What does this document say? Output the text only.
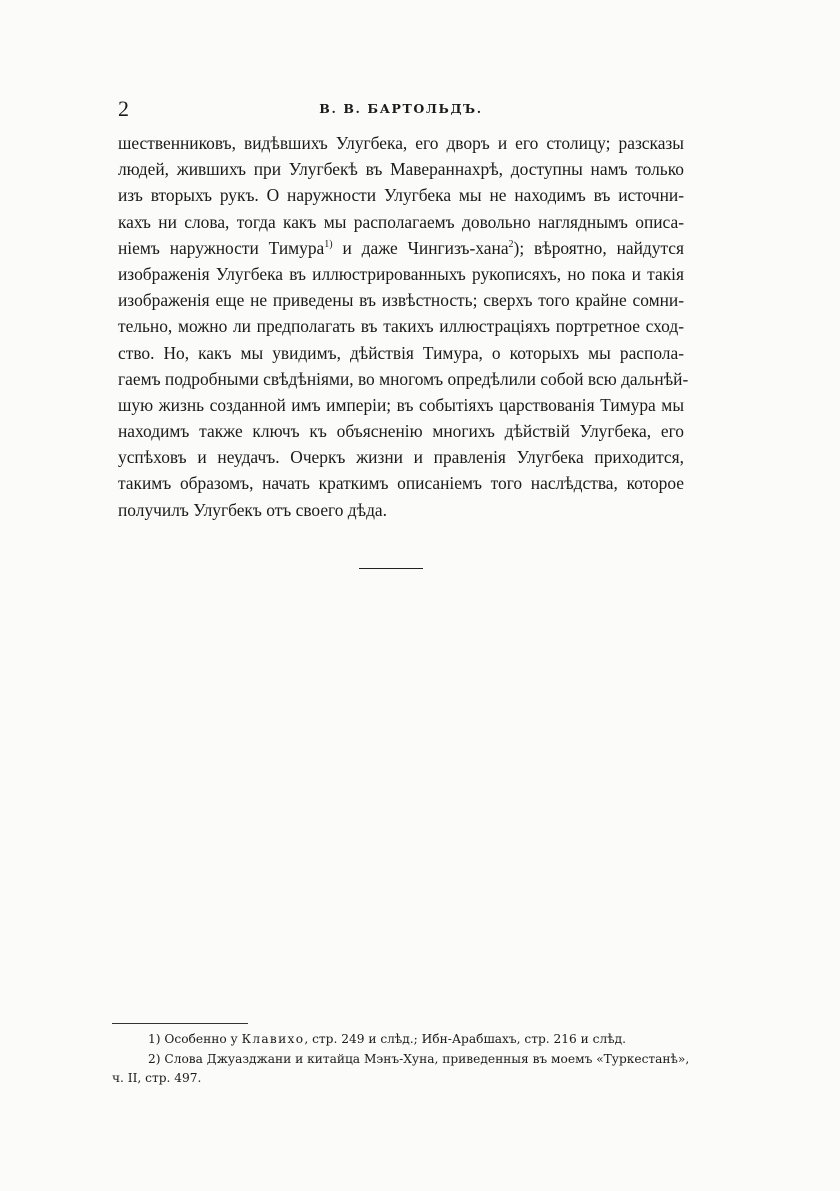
2	В. В. БАРТОЛЬДЪ.
шественниковъ, видѣвшихъ Улугбека, его дворъ и его столицу; разсказы
людей, жившихъ при Улугбекѣ въ Мавераннахрѣ, доступны намъ только
изъ вторыхъ рукъ. О наружности Улугбека мы не находимъ въ источни-
кахъ ни слова, тогда какъ мы располагаемъ довольно нагляднымъ описа-
ніемъ наружности Тимура$^{1)}$ и даже Чингизъ-хана$^2$); вѣроятно, найдутся
изображенія Улугбека въ иллюстрированныхъ рукописяхъ, но пока и такія
изображенія еще не приведены въ извѣстность; сверхъ того крайне сомни-
тельно, можно ли предполагать въ такихъ иллюстраціяхъ портретное сход-
ство. Но, какъ мы увидимъ, дѣйствія Тимура, о которыхъ мы распола-
гаемъ подробными свѣдѣніями, во многомъ опредѣлили собой всю дальнѣй-
шую жизнь созданной имъ имперіи; въ событіяхъ царствованія Тимура мы
находимъ также ключъ къ объясненію многихъ дѣйствій Улугбека, его
успѣховъ и неудачъ. Очеркъ жизни и правленія Улугбека приходится,
такимъ образомъ, начать краткимъ описаніемъ того наслѣдства, которое
получилъ Улугбекъ отъ своего дѣда.
1) Особенно у Клавихо, стр. 249 и слѣд.; Ибн-Арабшахъ, стр. 216 и слѣд.
2) Слова Джуазджани и китайца Мэнъ-Хуна, приведенныя въ моемъ «Туркестанѣ»,
ч. II, стр. 497.
